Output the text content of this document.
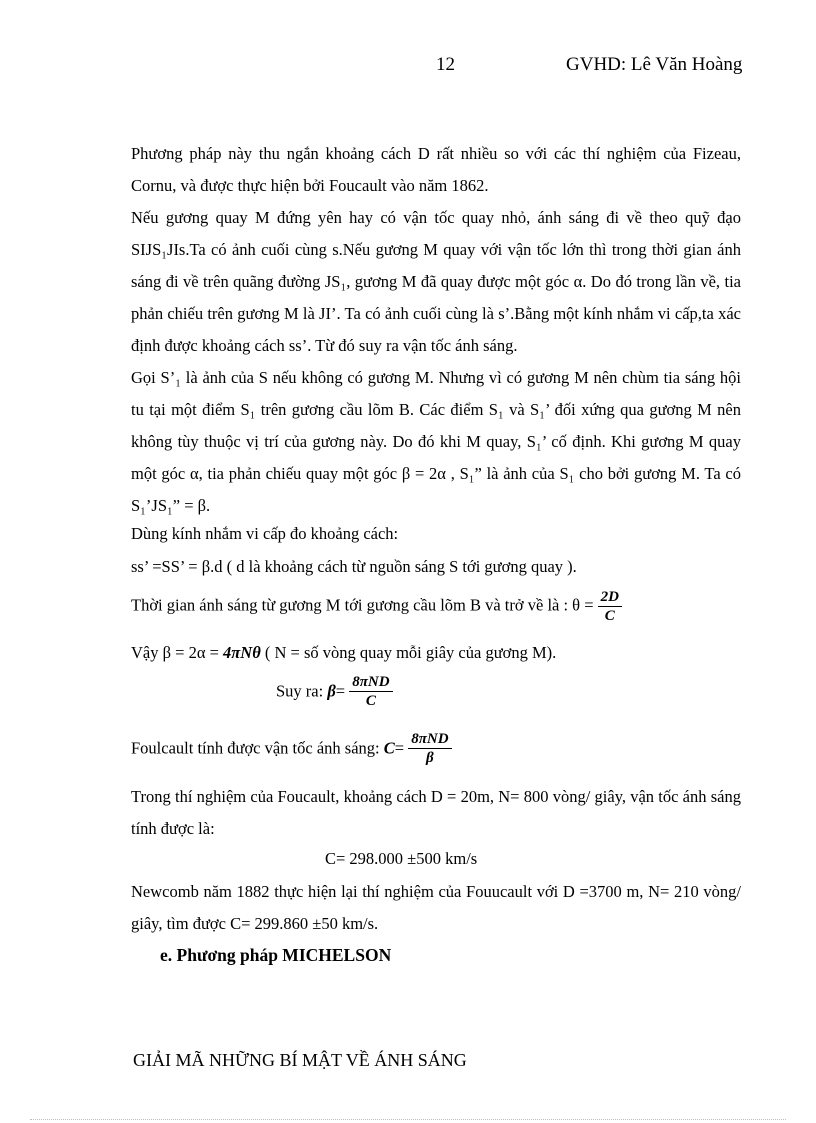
12	GVHD: Lê Văn Hoàng
Phương pháp này thu ngắn khoảng cách D rất nhiều so với các thí nghiệm của Fizeau, Cornu, và được thực hiện bởi Foucault vào năm 1862.
Nếu gương quay M đứng yên hay có vận tốc quay nhỏ, ánh sáng đi về theo quỹ đạo SIJS₁JIs.Ta có ảnh cuối cùng s.Nếu gương M quay với vận tốc lớn thì trong thời gian ánh sáng đi về trên quãng đường JS₁, gương M đã quay được một góc α. Do đó trong lần về, tia phản chiếu trên gương M là JI’. Ta có ảnh cuối cùng là s’.Bằng một kính nhắm vi cấp,ta xác định được khoảng cách ss’. Từ đó suy ra vận tốc ánh sáng.
Gọi S’₁ là ảnh của S nếu không có gương M. Nhưng vì có gương M nên chùm tia sáng hội tu tại một điểm S₁ trên gương cầu lõm B. Các điểm S₁ và S₁’ đối xứng qua gương M nên không tùy thuộc vị trí của gương này. Do đó khi M quay, S₁’ cố định. Khi gương M quay một góc α, tia phản chiếu quay một góc β = 2α , S₁” là ảnh của S₁ cho bởi gương M. Ta có S₁’JS₁” = β.
Dùng kính nhắm vi cấp đo khoảng cách:
ss’ =SS’ = β.d ( d là khoảng cách từ nguồn sáng S tới gương quay ).
Thời gian ánh sáng từ gương M tới gương cầu lõm B và trở về là : $\theta = \frac{2D}{C}$
Vậy β = 2α = 4πNθ ( N = số vòng quay mỗi giây của gương M).
Suy ra: $\beta= \frac{\text{8πND}}{C}$
Foulcault tính được vận tốc ánh sáng: $C= \frac{\text{8πND}}{\beta}$
Trong thí nghiệm của Foucault, khoảng cách D = 20m, N= 800 vòng/ giây, vận tốc ánh sáng tính được là:
C= 298.000 ±500 km/s
Newcomb năm 1882 thực hiện lại thí nghiệm của Fouucault với D =3700 m, N= 210 vòng/ giây, tìm được C= 299.860 ±50 km/s.
e. Phương pháp MICHELSON
GIẢI MÃ NHỮNG BÍ MẬT VỀ ÁNH SÁNG
